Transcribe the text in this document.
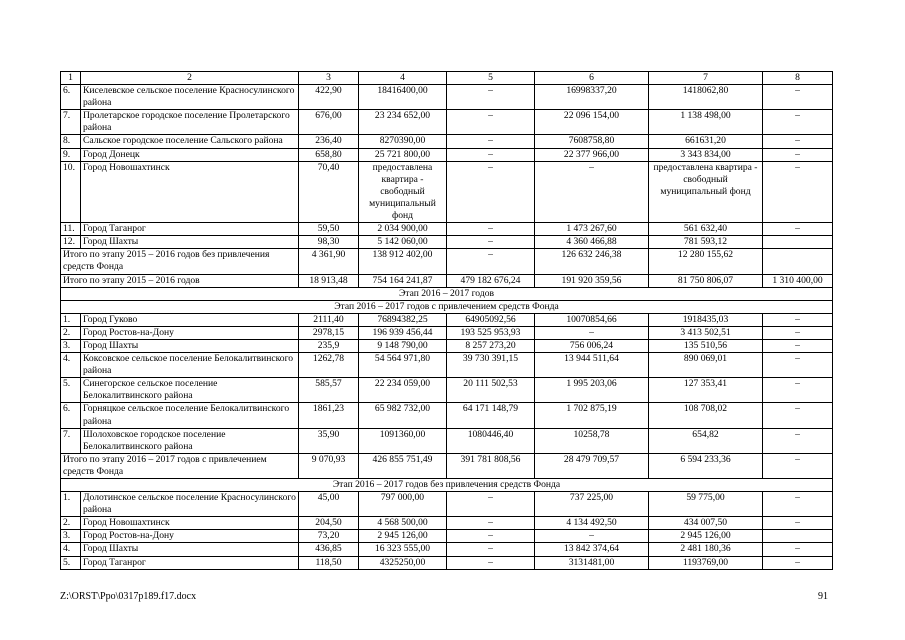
1	2	3	4	5	6	7	8
6.	Киселевское сельское поселение Красносулинского района	422,90	18416400,00	–	16998337,20	1418062,80	–
7.	Пролетарское городское поселение Пролетарского района	676,00	23 234 652,00	–	22 096 154,00	1 138 498,00	–
8.	Сальское городское поселение Сальского района	236,40	8270390,00	–	7608758,80	661631,20	–
9.	Город Донецк	658,80	25 721 800,00	–	22 377 966,00	3 343 834,00	–
10.	Город Новошахтинск	70,40	предоставлена квартира - свободный муниципальный фонд	–	–	предоставлена квартира - свободный муниципальный фонд	–
11.	Город Таганрог	59,50	2 034 900,00	–	1 473 267,60	561 632,40	–
12.	Город Шахты	98,30	5 142 060,00	–	4 360 466,88	781 593,12	
Итого по этапу 2015 – 2016 годов без привлечения средств Фонда		4 361,90	138 912 402,00	–	126 632 246,38	12 280 155,62	
Итого по этапу 2015 – 2016 годов		18 913,48	754 164 241,87	479 182 676,24	191 920 359,56	81 750 806,07	1 310 400,00
Этап 2016 – 2017 годов							
Этап 2016 – 2017 годов с привлечением средств Фонда							
1.	Город Гуково	2111,40	76894382,25	64905092,56	10070854,66	1918435,03	–
2.	Город Ростов-на-Дону	2978,15	196 939 456,44	193 525 953,93	–	3 413 502,51	–
3.	Город Шахты	235,9	9 148 790,00	8 257 273,20	756 006,24	135 510,56	–
4.	Коксовское сельское поселение Белокалитвинского района	1262,78	54 564 971,80	39 730 391,15	13 944 511,64	890 069,01	–
5.	Синегорское сельское поселение Белокалитвинского района	585,57	22 234 059,00	20 111 502,53	1 995 203,06	127 353,41	–
6.	Горняцкое сельское поселение Белокалитвинского района	1861,23	65 982 732,00	64 171 148,79	1 702 875,19	108 708,02	–
7.	Шолоховское городское поселение Белокалитвинского района	35,90	1091360,00	1080446,40	10258,78	654,82	–
Итого по этапу 2016 – 2017 годов с привлечением средств Фонда		9 070,93	426 855 751,49	391 781 808,56	28 479 709,57	6 594 233,36	–
Этап 2016 – 2017 годов без привлечения средств Фонда							
1.	Долотинское сельское поселение Красносулинского района	45,00	797 000,00	–	737 225,00	59 775,00	–
2.	Город Новошахтинск	204,50	4 568 500,00	–	4 134 492,50	434 007,50	–
3.	Город Ростов-на-Дону	73,20	2 945 126,00	–	–	2 945 126,00	
4.	Город Шахты	436,85	16 323 555,00	–	13 842 374,64	2 481 180,36	–
5.	Город Таганрог	118,50	4325250,00	–	3131481,00	1193769,00	–
Z:\ORST\Ppo\0317p189.f17.docx	91
